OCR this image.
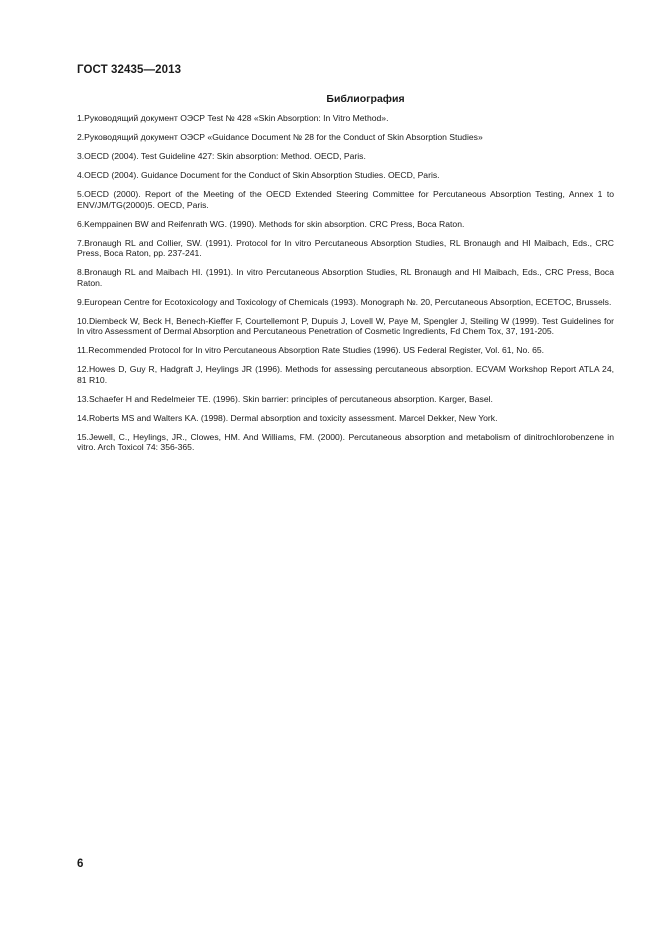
ГОСТ 32435—2013
Библиография
1.Руководящий документ ОЭСР Test № 428 «Skin Absorption: In Vitro Method».
2.Руководящий документ ОЭСР «Guidance Document № 28 for the Conduct of Skin Absorption Studies»
3.OECD (2004). Test Guideline 427: Skin absorption: Method. OECD, Paris.
4.OECD (2004). Guidance Document for the Conduct of Skin Absorption Studies. OECD, Paris.
5.OECD (2000). Report of the Meeting of the OECD Extended Steering Committee for Percutaneous Absorption Testing, Annex 1 to ENV/JM/TG(2000)5. OECD, Paris.
6.Kemppainen BW and Reifenrath WG. (1990). Methods for skin absorption. CRC Press, Boca Raton.
7.Bronaugh RL and Collier, SW. (1991). Protocol for In vitro Percutaneous Absorption Studies, RL Bronaugh and HI Maibach, Eds., CRC Press, Boca Raton, pp. 237-241.
8.Bronaugh RL and Maibach HI. (1991). In vitro Percutaneous Absorption Studies, RL Bronaugh and HI Maibach, Eds., CRC Press, Boca Raton.
9.European Centre for Ecotoxicology and Toxicology of Chemicals (1993). Monograph №. 20, Percutaneous Absorption, ECETOC, Brussels.
10.Diembeck W, Beck H, Benech-Kieffer F, Courtellemont P, Dupuis J, Lovell W, Paye M, Spengler J, Steiling W (1999). Test Guidelines for In vitro Assessment of Dermal Absorption and Percutaneous Penetration of Cosmetic Ingredients, Fd Chem Tox, 37, 191-205.
11.Recommended Protocol for In vitro Percutaneous Absorption Rate Studies (1996). US Federal Register, Vol. 61, No. 65.
12.Howes D, Guy R, Hadgraft J, Heylings JR (1996). Methods for assessing percutaneous absorption. ECVAM Workshop Report ATLA 24, 81 R10.
13.Schaefer H and Redelmeier TE. (1996). Skin barrier: principles of percutaneous absorption. Karger, Basel.
14.Roberts MS and Walters KA. (1998). Dermal absorption and toxicity assessment. Marcel Dekker, New York.
15.Jewell, C., Heylings, JR., Clowes, HM. And Williams, FM. (2000). Percutaneous absorption and metabolism of dinitrochlorobenzene in vitro. Arch Toxicol 74: 356-365.
6
